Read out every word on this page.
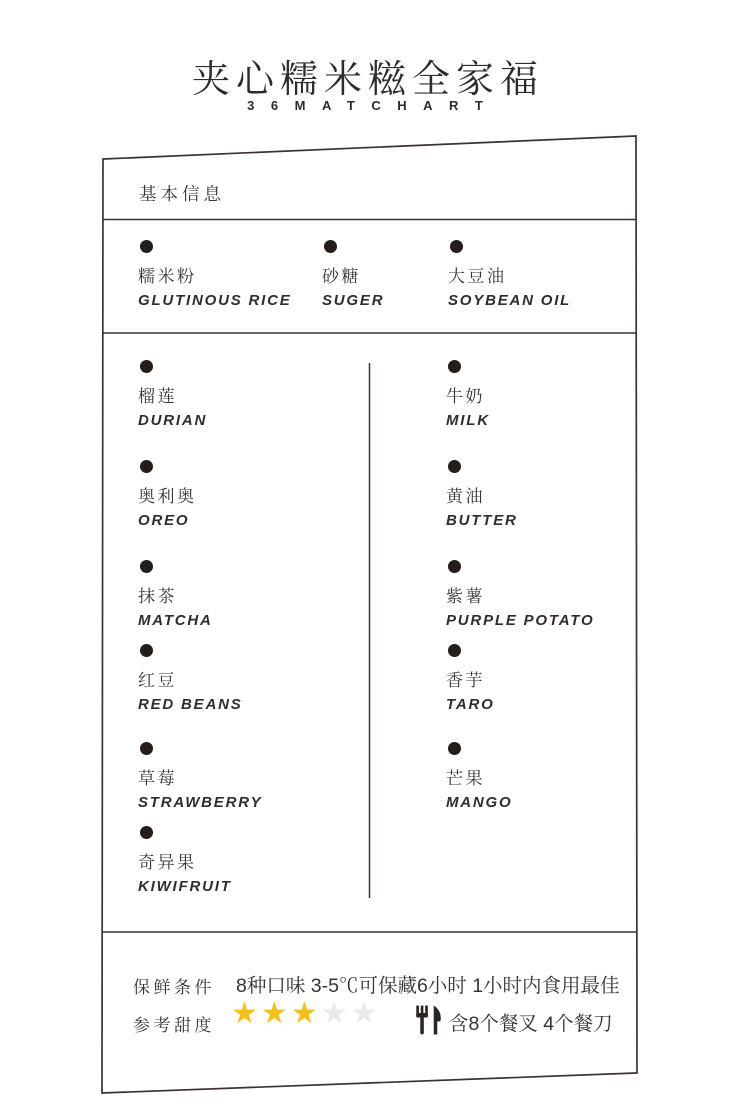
夹心糯米糍全家福
36MATCHART
基本信息
糯米粉
GLUTINOUS RICE
砂糖
SUGER
大豆油
SOYBEAN OIL
榴莲
DURIAN
奥利奥
OREO
抹茶
MATCHA
红豆
RED BEANS
草莓
STRAWBERRY
奇异果
KIWIFRUIT
牛奶
MILK
黄油
BUTTER
紫薯
PURPLE POTATO
香芋
TARO
芒果
MANGO
保鲜条件 8种口味 3-5℃可保藏6小时 1小时内食用最佳
参考甜度 ★★★★★	含8个餐叉 4个餐刀
